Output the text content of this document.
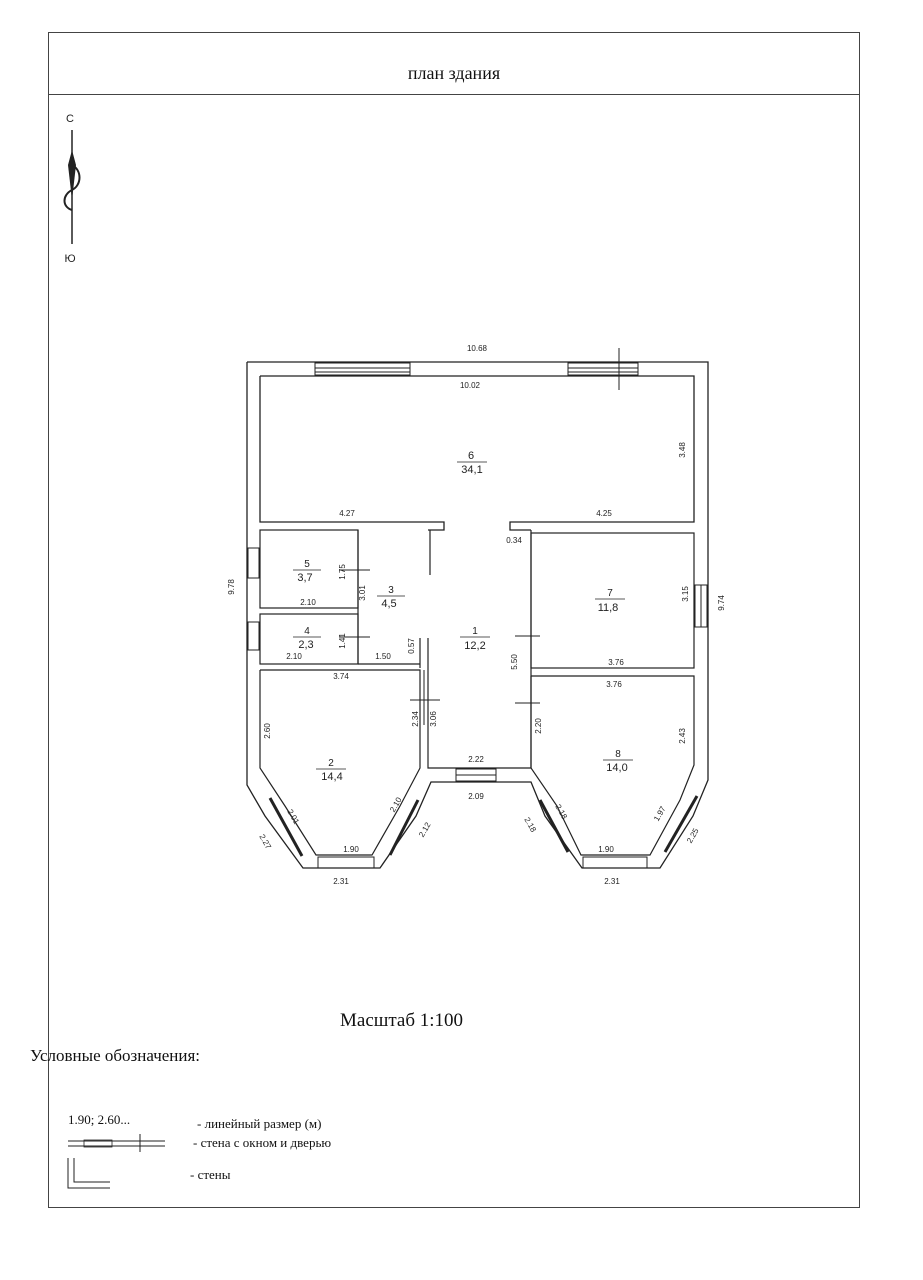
план здания
С
Ю
10.68
10.02
3.48
9.78
9.74
4.27	4.25
0.34
1.75
2.10
3.01
1.41
2.10	1.50
0.57
3.15
3.76
3.76
5.50
3.74
2.60
2.34 3.06	2.20
2.43
2.22
2.09
2.01
2.27
2.10
2.12
1.90
2.31
2.18
2.18	1.97
2.25
1.90
2.31
6
34,1
5
3,7
3
4,5
4
2,3
1
12,2
7
11,8
2
14,4
8
14,0
Масштаб 1:100
Условные обозначения:
1.90; 2.60...	- линейный размер (м)
- стена с окном и дверью
- стены
